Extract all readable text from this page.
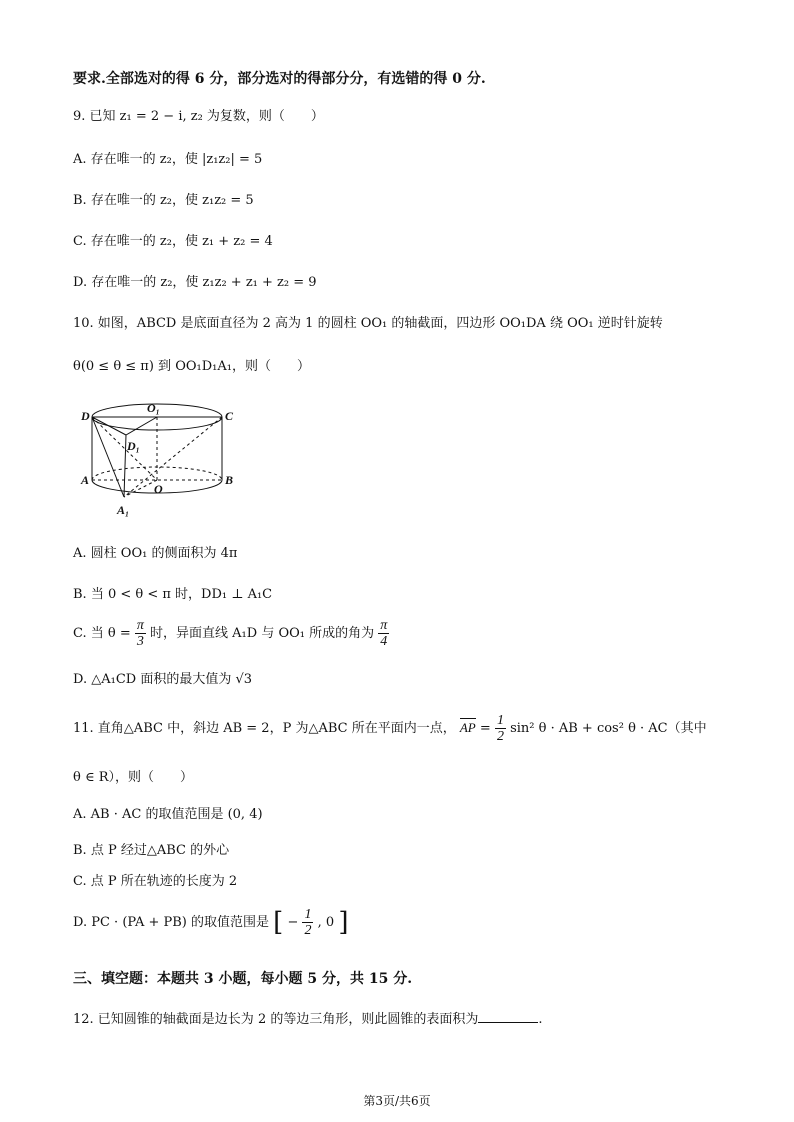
要求.全部选对的得 6 分，部分选对的得部分分，有选错的得 0 分.
9. 已知 z₁ = 2 − i, z₂ 为复数，则（　　）
A. 存在唯一的 z₂，使 |z₁z₂| = 5
B. 存在唯一的 z₂，使 z₁z₂ = 5
C. 存在唯一的 z₂，使 z₁ + z₂ = 4
D. 存在唯一的 z₂，使 z₁z₂ + z₁ + z₂ = 9
10. 如图，ABCD 是底面直径为 2 高为 1 的圆柱 OO₁ 的轴截面，四边形 OO₁DA 绕 OO₁ 逆时针旋转
θ(0 ≤ θ ≤ π) 到 OO₁D₁A₁，则（　　）
D
O₁
C
D₁
A
O
B
A₁
A. 圆柱 OO₁ 的侧面积为 4π
B. 当 0 < θ < π 时，DD₁ ⊥ A₁C
C. 当 $\theta = \frac{\pi}{3}$ 时，异面直线 A₁D 与 OO₁ 所成的角为 $\frac{\pi}{4}$
D. △A₁CD 面积的最大值为 √3
11. 直角△ABC 中，斜边 AB = 2，P 为△ABC 所在平面内一点， AP = $\frac{1}{2} \sin^2$ θ · AB + cos² θ · AC（其中
θ ∈ R），则（　　）
A. AB · AC 的取值范围是 (0, 4)
B. 点 P 经过△ABC 的外心
C. 点 P 所在轨迹的长度为 2
D. PC · (PA + PB) 的取值范围是 [ − $\frac{1}{2}$ , 0 ]
三、填空题：本题共 3 小题，每小题 5 分，共 15 分.
12. 已知圆锥的轴截面是边长为 2 的等边三角形，则此圆锥的表面积为	.
第3页/共6页
